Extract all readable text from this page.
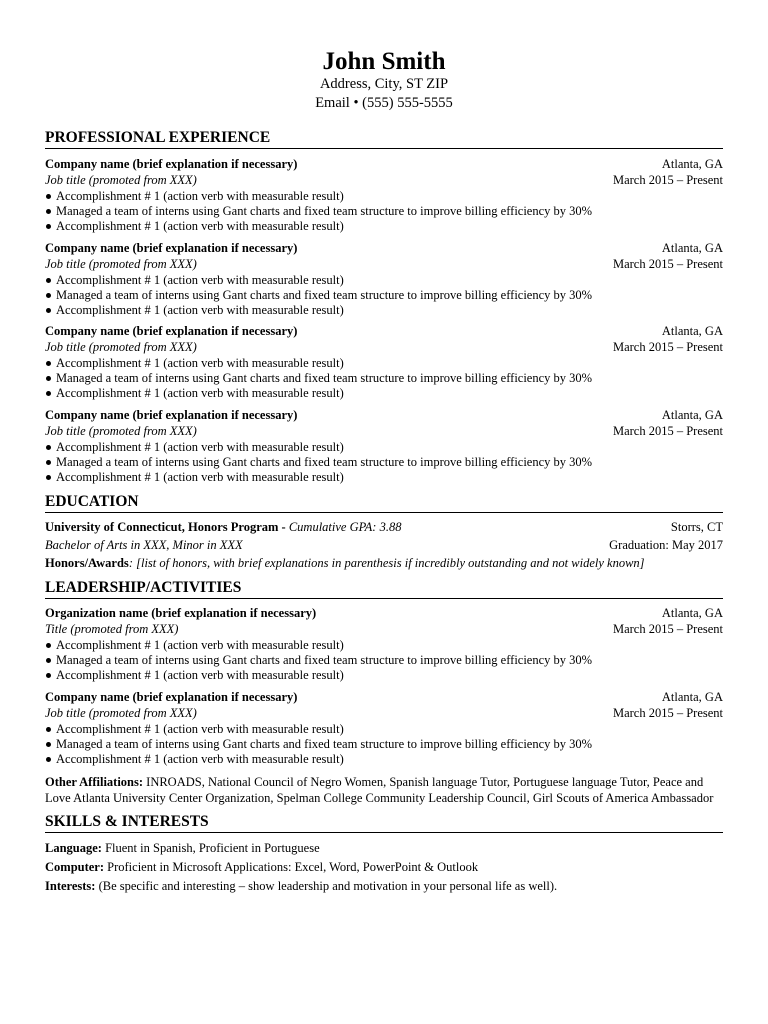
John Smith
Address, City, ST ZIP
Email • (555) 555-5555
PROFESSIONAL EXPERIENCE
Company name (brief explanation if necessary)	Atlanta, GA
Job title (promoted from XXX)	March 2015 – Present
Accomplishment # 1 (action verb with measurable result)
Managed a team of interns using Gant charts and fixed team structure to improve billing efficiency by 30%
Accomplishment # 1 (action verb with measurable result)
Company name (brief explanation if necessary)	Atlanta, GA
Job title (promoted from XXX)	March 2015 – Present
Accomplishment # 1 (action verb with measurable result)
Managed a team of interns using Gant charts and fixed team structure to improve billing efficiency by 30%
Accomplishment # 1 (action verb with measurable result)
Company name (brief explanation if necessary)	Atlanta, GA
Job title (promoted from XXX)	March 2015 – Present
Accomplishment # 1 (action verb with measurable result)
Managed a team of interns using Gant charts and fixed team structure to improve billing efficiency by 30%
Accomplishment # 1 (action verb with measurable result)
Company name (brief explanation if necessary)	Atlanta, GA
Job title (promoted from XXX)	March 2015 – Present
Accomplishment # 1 (action verb with measurable result)
Managed a team of interns using Gant charts and fixed team structure to improve billing efficiency by 30%
Accomplishment # 1 (action verb with measurable result)
EDUCATION
University of Connecticut, Honors Program - Cumulative GPA: 3.88	Storrs, CT
Bachelor of Arts in XXX, Minor in XXX	Graduation: May 2017
Honors/Awards: [list of honors, with brief explanations in parenthesis if incredibly outstanding and not widely known]
LEADERSHIP/ACTIVITIES
Organization name (brief explanation if necessary)	Atlanta, GA
Title (promoted from XXX)	March 2015 – Present
Accomplishment # 1 (action verb with measurable result)
Managed a team of interns using Gant charts and fixed team structure to improve billing efficiency by 30%
Accomplishment # 1 (action verb with measurable result)
Company name (brief explanation if necessary)	Atlanta, GA
Job title (promoted from XXX)	March 2015 – Present
Accomplishment # 1 (action verb with measurable result)
Managed a team of interns using Gant charts and fixed team structure to improve billing efficiency by 30%
Accomplishment # 1 (action verb with measurable result)
Other Affiliations: INROADS, National Council of Negro Women, Spanish language Tutor, Portuguese language Tutor, Peace and Love Atlanta University Center Organization, Spelman College Community Leadership Council, Girl Scouts of America Ambassador
SKILLS & INTERESTS
Language: Fluent in Spanish, Proficient in Portuguese
Computer: Proficient in Microsoft Applications: Excel, Word, PowerPoint & Outlook
Interests: (Be specific and interesting – show leadership and motivation in your personal life as well).
